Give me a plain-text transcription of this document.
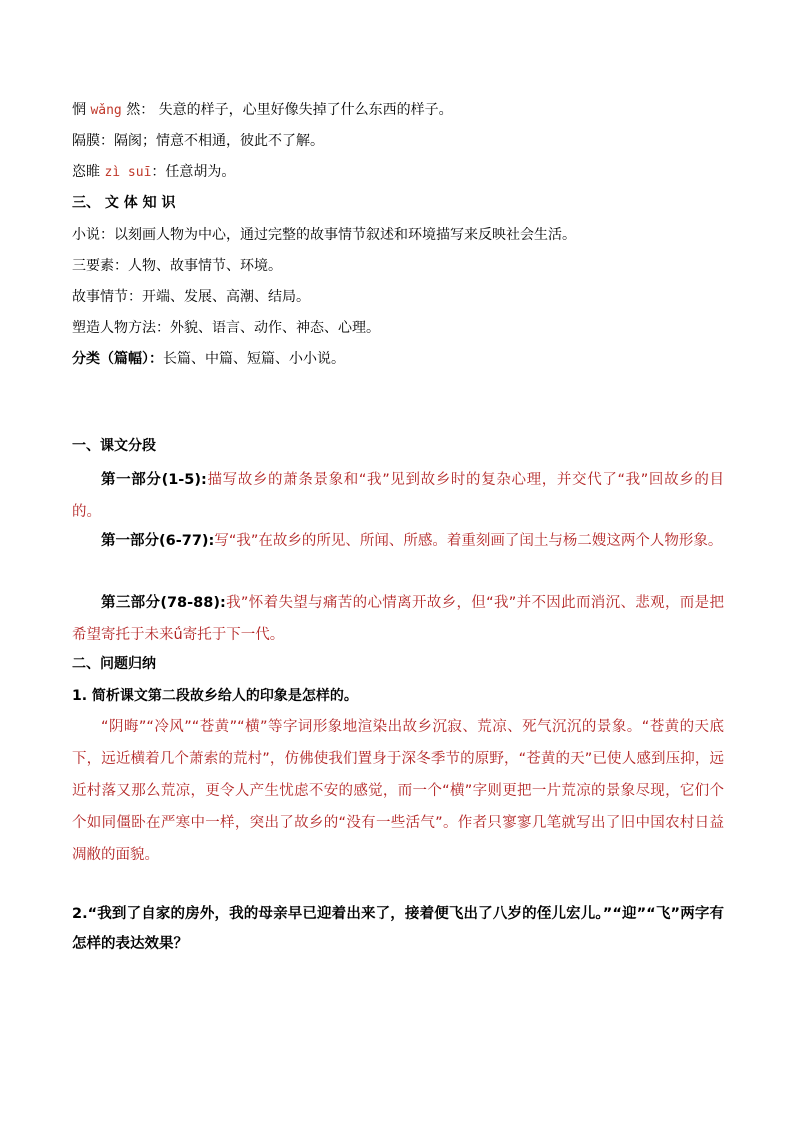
惘 wǎng 然： 失意的样子，心里好像失掉了什么东西的样子。
隔膜：隔阂；情意不相通，彼此不了解。
恣睢 zì suī：任意胡为。
三、 文 体 知 识
小说：以刻画人物为中心，通过完整的故事情节叙述和环境描写来反映社会生活。
三要素：人物、故事情节、环境。
故事情节：开端、发展、高潮、结局。
塑造人物方法：外貌、语言、动作、神态、心理。
分类（篇幅）：长篇、中篇、短篇、小小说。
一、课文分段
第一部分(1-5):描写故乡的萧条景象和“我”见到故乡时的复杂心理，并交代了“我”回故乡的目的。
第一部分(6-77):写“我”在故乡的所见、所闻、所感。着重刻画了闰土与杨二嫂这两个人物形象。
第三部分(78-88):我”怀着失望与痛苦的心情离开故乡，但“我”并不因此而消沉、悲观，而是把希望寄托于未来ǘ寄托于下一代。
二、问题归纳
1. 简析课文第二段故乡给人的印象是怎样的。
“阴晦”“冷风”“苍黄”“横”等字词形象地渲染出故乡沉寂、荒凉、死气沉沉的景象。“苍黄的天底下，远近横着几个萧索的荒村”，仿佛使我们置身于深冬季节的原野，“苍黄的天”已使人感到压抑，远近村落又那么荒凉，更令人产生忧虑不安的感觉，而一个“横”字则更把一片荒凉的景象尽现，它们个个如同僵卧在严寒中一样，突出了故乡的“没有一些活气”。作者只寥寥几笔就写出了旧中国农村日益凋敝的面貌。
2.“我到了自家的房外，我的母亲早已迎着出来了，接着便飞出了八岁的侄儿宏儿。”“迎”“飞”两字有怎样的表达效果？
